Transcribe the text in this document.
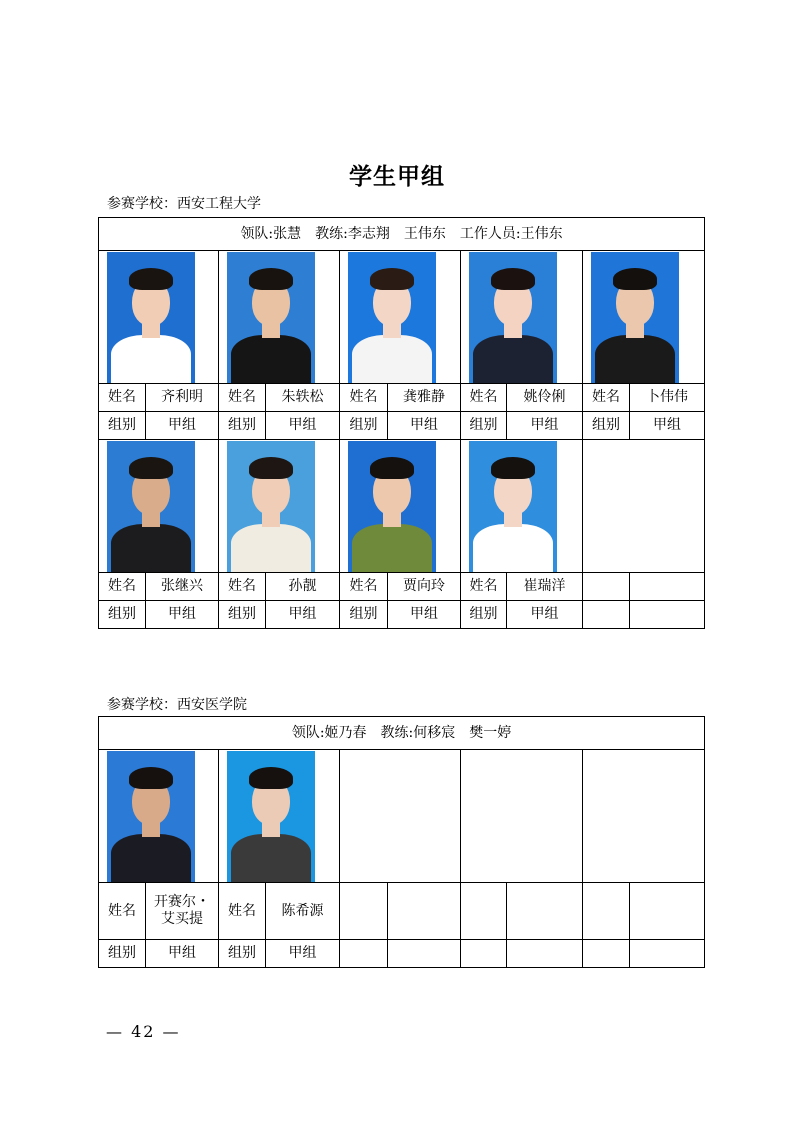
学生甲组
参赛学校：西安工程大学
领队:张慧　教练:李志翔　王伟东　工作人员:王伟东									

姓名	齐利明	姓名	朱轶松	姓名	龚雅静	姓名	姚伶俐	姓名	卜伟伟
组别	甲组	组别	甲组	组别	甲组	组别	甲组	组别	甲组

姓名	张继兴	姓名	孙靓	姓名	贾向玲	姓名	崔瑞洋		
组别	甲组	组别	甲组	组别	甲组	组别	甲组		
参赛学校：西安医学院
领队:姬乃春　教练:何移宸　樊一婷									

姓名	开赛尔・艾买提	姓名	陈希源						
组别	甲组	组别	甲组						
— 42 —
